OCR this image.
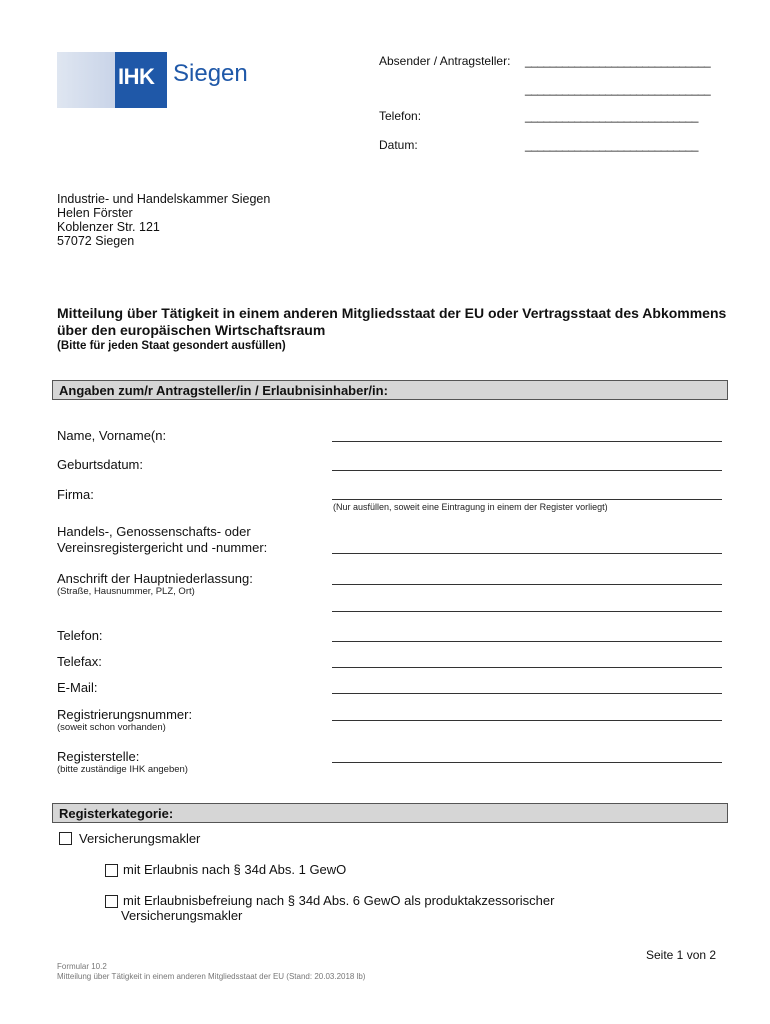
IHK Siegen	Absender / Antragsteller: ______________________________
______________________________
Telefon:	____________________________
Datum:	____________________________
Industrie- und Handelskammer Siegen
Helen Förster
Koblenzer Str. 121
57072 Siegen
Mitteilung über Tätigkeit in einem anderen Mitgliedsstaat der EU oder Vertragsstaat des Abkommens über den europäischen Wirtschaftsraum
(Bitte für jeden Staat gesondert ausfüllen)
Angaben zum/r Antragsteller/in / Erlaubnisinhaber/in:
Name, Vorname(n:
Geburtsdatum:
Firma:
(Nur ausfüllen, soweit eine Eintragung in einem der Register vorliegt)
Handels-, Genossenschafts- oder
Vereinsregistergericht und -nummer:
Anschrift der Hauptniederlassung:
(Straße, Hausnummer, PLZ, Ort)
Telefon:
Telefax:
E-Mail:
Registrierungsnummer:
(soweit schon vorhanden)
Registerstelle:
(bitte zuständige IHK angeben)
Registerkategorie:
Versicherungsmakler
mit Erlaubnis nach § 34d Abs. 1 GewO
mit Erlaubnisbefreiung nach § 34d Abs. 6 GewO als produktakzessorischer
Versicherungsmakler
Seite 1 von 2
Formular 10.2
Mitteilung über Tätigkeit in einem anderen Mitgliedsstaat der EU (Stand: 20.03.2018 lb)
